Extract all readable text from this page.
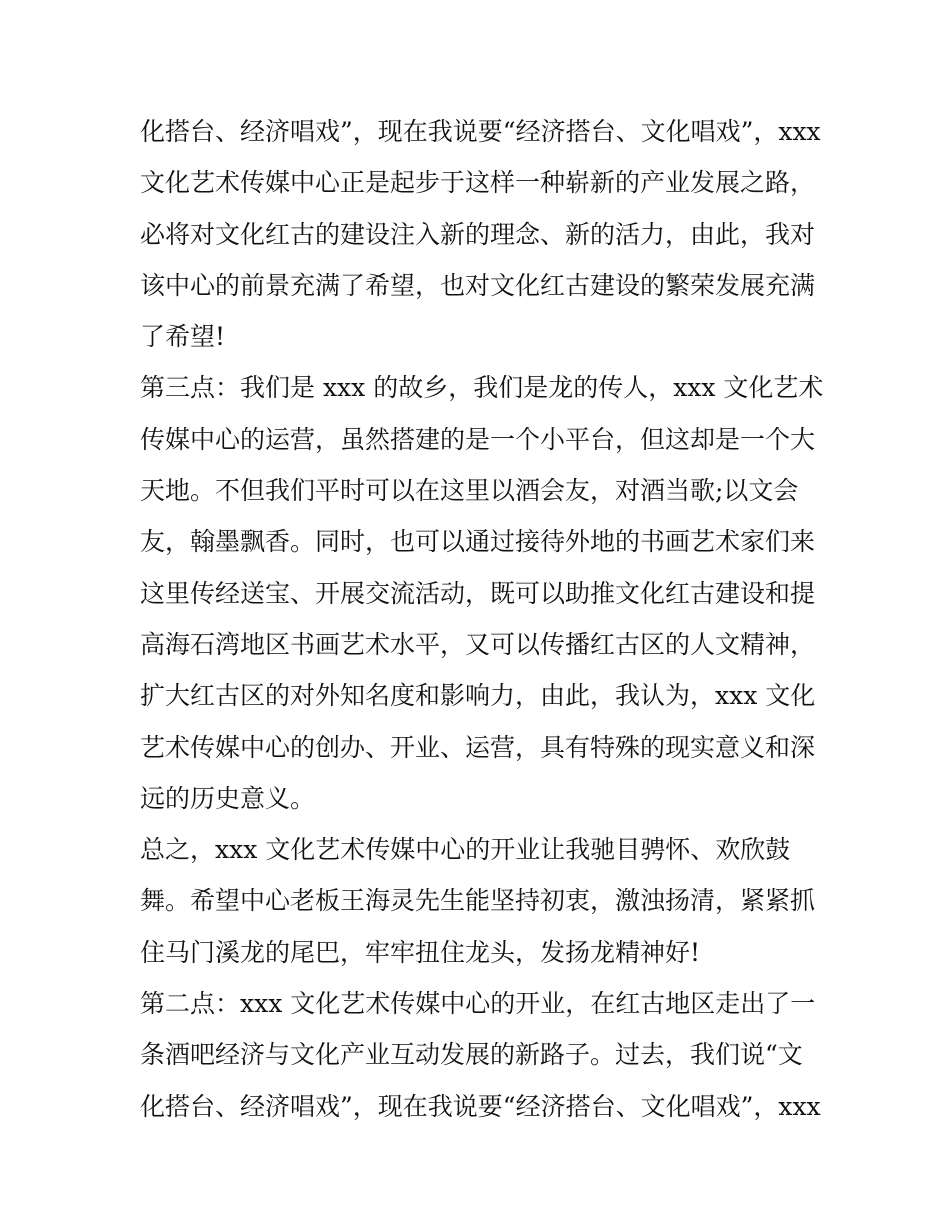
化搭台、经济唱戏”，现在我说要“经济搭台、文化唱戏”，xxx
文化艺术传媒中心正是起步于这样一种崭新的产业发展之路，
必将对文化红古的建设注入新的理念、新的活力，由此，我对
该中心的前景充满了希望，也对文化红古建设的繁荣发展充满
了希望!
第三点：我们是 xxx 的故乡，我们是龙的传人，xxx 文化艺术
传媒中心的运营，虽然搭建的是一个小平台，但这却是一个大
天地。不但我们平时可以在这里以酒会友，对酒当歌;以文会
友，翰墨飘香。同时，也可以通过接待外地的书画艺术家们来
这里传经送宝、开展交流活动，既可以助推文化红古建设和提
高海石湾地区书画艺术水平，又可以传播红古区的人文精神，
扩大红古区的对外知名度和影响力，由此，我认为，xxx 文化
艺术传媒中心的创办、开业、运营，具有特殊的现实意义和深
远的历史意义。
总之，xxx 文化艺术传媒中心的开业让我驰目骋怀、欢欣鼓
舞。希望中心老板王海灵先生能坚持初衷，激浊扬清，紧紧抓
住马门溪龙的尾巴，牢牢扭住龙头，发扬龙精神好!
第二点：xxx 文化艺术传媒中心的开业，在红古地区走出了一
条酒吧经济与文化产业互动发展的新路子。过去，我们说“文
化搭台、经济唱戏”，现在我说要“经济搭台、文化唱戏”，xxx
